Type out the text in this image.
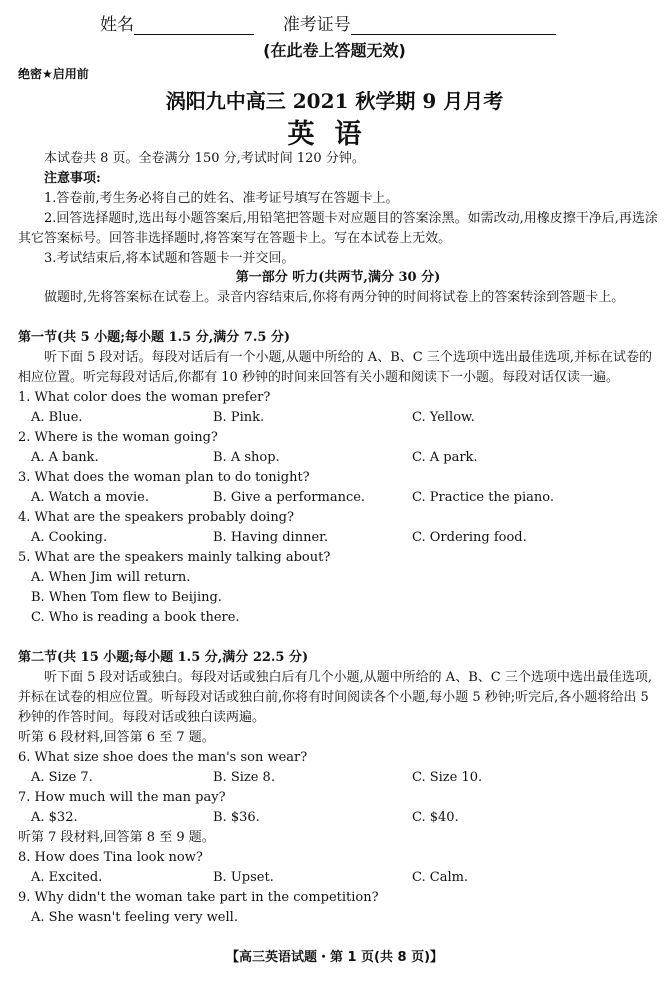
姓名	准考证号
(在此卷上答题无效)
绝密★启用前
涡阳九中高三 2021 秋学期 9 月月考
英语

本试卷共 8 页。全卷满分 150 分,考试时间 120 分钟。

注意事项:

1.答卷前,考生务必将自己的姓名、准考证号填写在答题卡上。

2.回答选择题时,选出每小题答案后,用铅笔把答题卡对应题目的答案涂黑。如需改动,用橡皮擦干净后,再选涂其它答案标号。回答非选择题时,将答案写在答题卡上。写在本试卷上无效。

3.考试结束后,将本试题和答题卡一并交回。

第一部分 听力(共两节,满分 30 分)

做题时,先将答案标在试卷上。录音内容结束后,你将有两分钟的时间将试卷上的答案转涂到答题卡上。

第一节(共 5 小题;每小题 1.5 分,满分 7.5 分)

听下面 5 段对话。每段对话后有一个小题,从题中所给的 A、B、C 三个选项中选出最佳选项,并标在试卷的相应位置。听完每段对话后,你都有 10 秒钟的时间来回答有关小题和阅读下一小题。每段对话仅读一遍。

1. What color does the woman prefer?

A. Blue.	B. Pink.	C. Yellow.

2. Where is the woman going?

A. A bank.	B. A shop.	C. A park.

3. What does the woman plan to do tonight?

A. Watch a movie.	B. Give a performance.	C. Practice the piano.

4. What are the speakers probably doing?

A. Cooking.	B. Having dinner.	C. Ordering food.

5. What are the speakers mainly talking about?

A. When Jim will return.

B. When Tom flew to Beijing.

C. Who is reading a book there.

第二节(共 15 小题;每小题 1.5 分,满分 22.5 分)

听下面 5 段对话或独白。每段对话或独白后有几个小题,从题中所给的 A、B、C 三个选项中选出最佳选项,并标在试卷的相应位置。听每段对话或独白前,你将有时间阅读各个小题,每小题 5 秒钟;听完后,各小题将给出 5 秒钟的作答时间。每段对话或独白读两遍。

听第 6 段材料,回答第 6 至 7 题。

6. What size shoe does the man's son wear?

A. Size 7.	B. Size 8.	C. Size 10.

7. How much will the man pay?

A. $32.	B. $36.	C. $40.

听第 7 段材料,回答第 8 至 9 题。

8. How does Tina look now?

A. Excited.	B. Upset.	C. Calm.

9. Why didn't the woman take part in the competition?

A. She wasn't feeling very well.

【高三英语试题・第 1 页(共 8 页)】
